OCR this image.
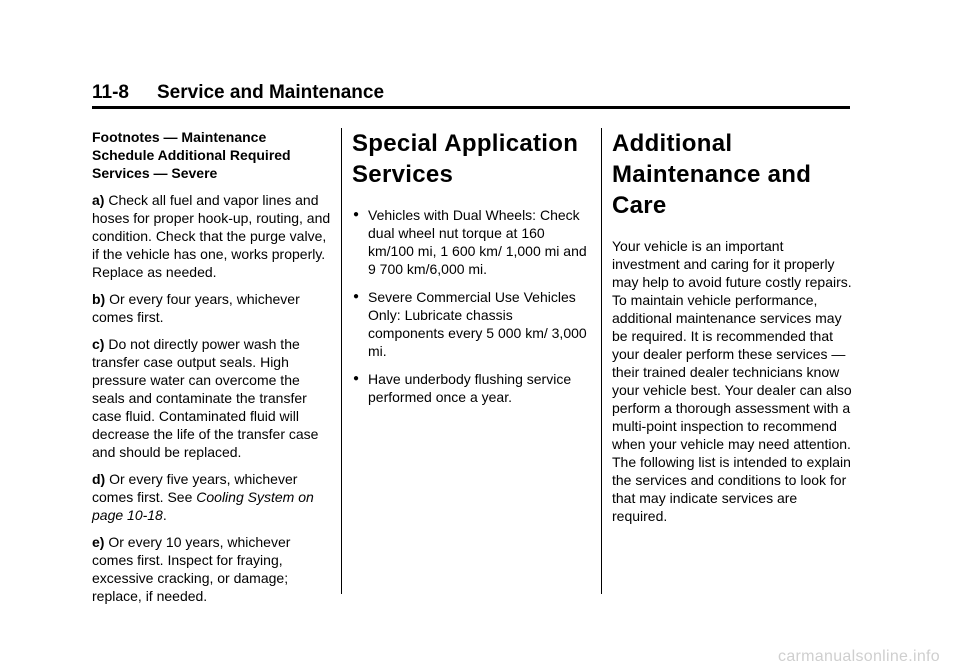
11-8 Service and Maintenance
Footnotes — Maintenance Schedule Additional Required Services — Severe

a) Check all fuel and vapor lines and hoses for proper hook-up, routing, and condition. Check that the purge valve, if the vehicle has one, works properly. Replace as needed.

b) Or every four years, whichever comes first.

c) Do not directly power wash the transfer case output seals. High pressure water can overcome the seals and contaminate the transfer case fluid. Contaminated fluid will decrease the life of the transfer case and should be replaced.

d) Or every five years, whichever comes first. See Cooling System on page 10-18.

e) Or every 10 years, whichever comes first. Inspect for fraying, excessive cracking, or damage; replace, if needed.

Special Application Services
● Vehicles with Dual Wheels: Check dual wheel nut torque at 160 km/100 mi, 1 600 km/ 1,000 mi and 9 700 km/6,000 mi.
● Severe Commercial Use Vehicles Only: Lubricate chassis components every 5 000 km/ 3,000 mi.
● Have underbody flushing service performed once a year.
Additional Maintenance and Care

Your vehicle is an important investment and caring for it properly may help to avoid future costly repairs. To maintain vehicle performance, additional maintenance services may be required. It is recommended that your dealer perform these services — their trained dealer technicians know your vehicle best. Your dealer can also perform a thorough assessment with a multi-point inspection to recommend when your vehicle may need attention. The following list is intended to explain the services and conditions to look for that may indicate services are required.

carmanualsonline.info
